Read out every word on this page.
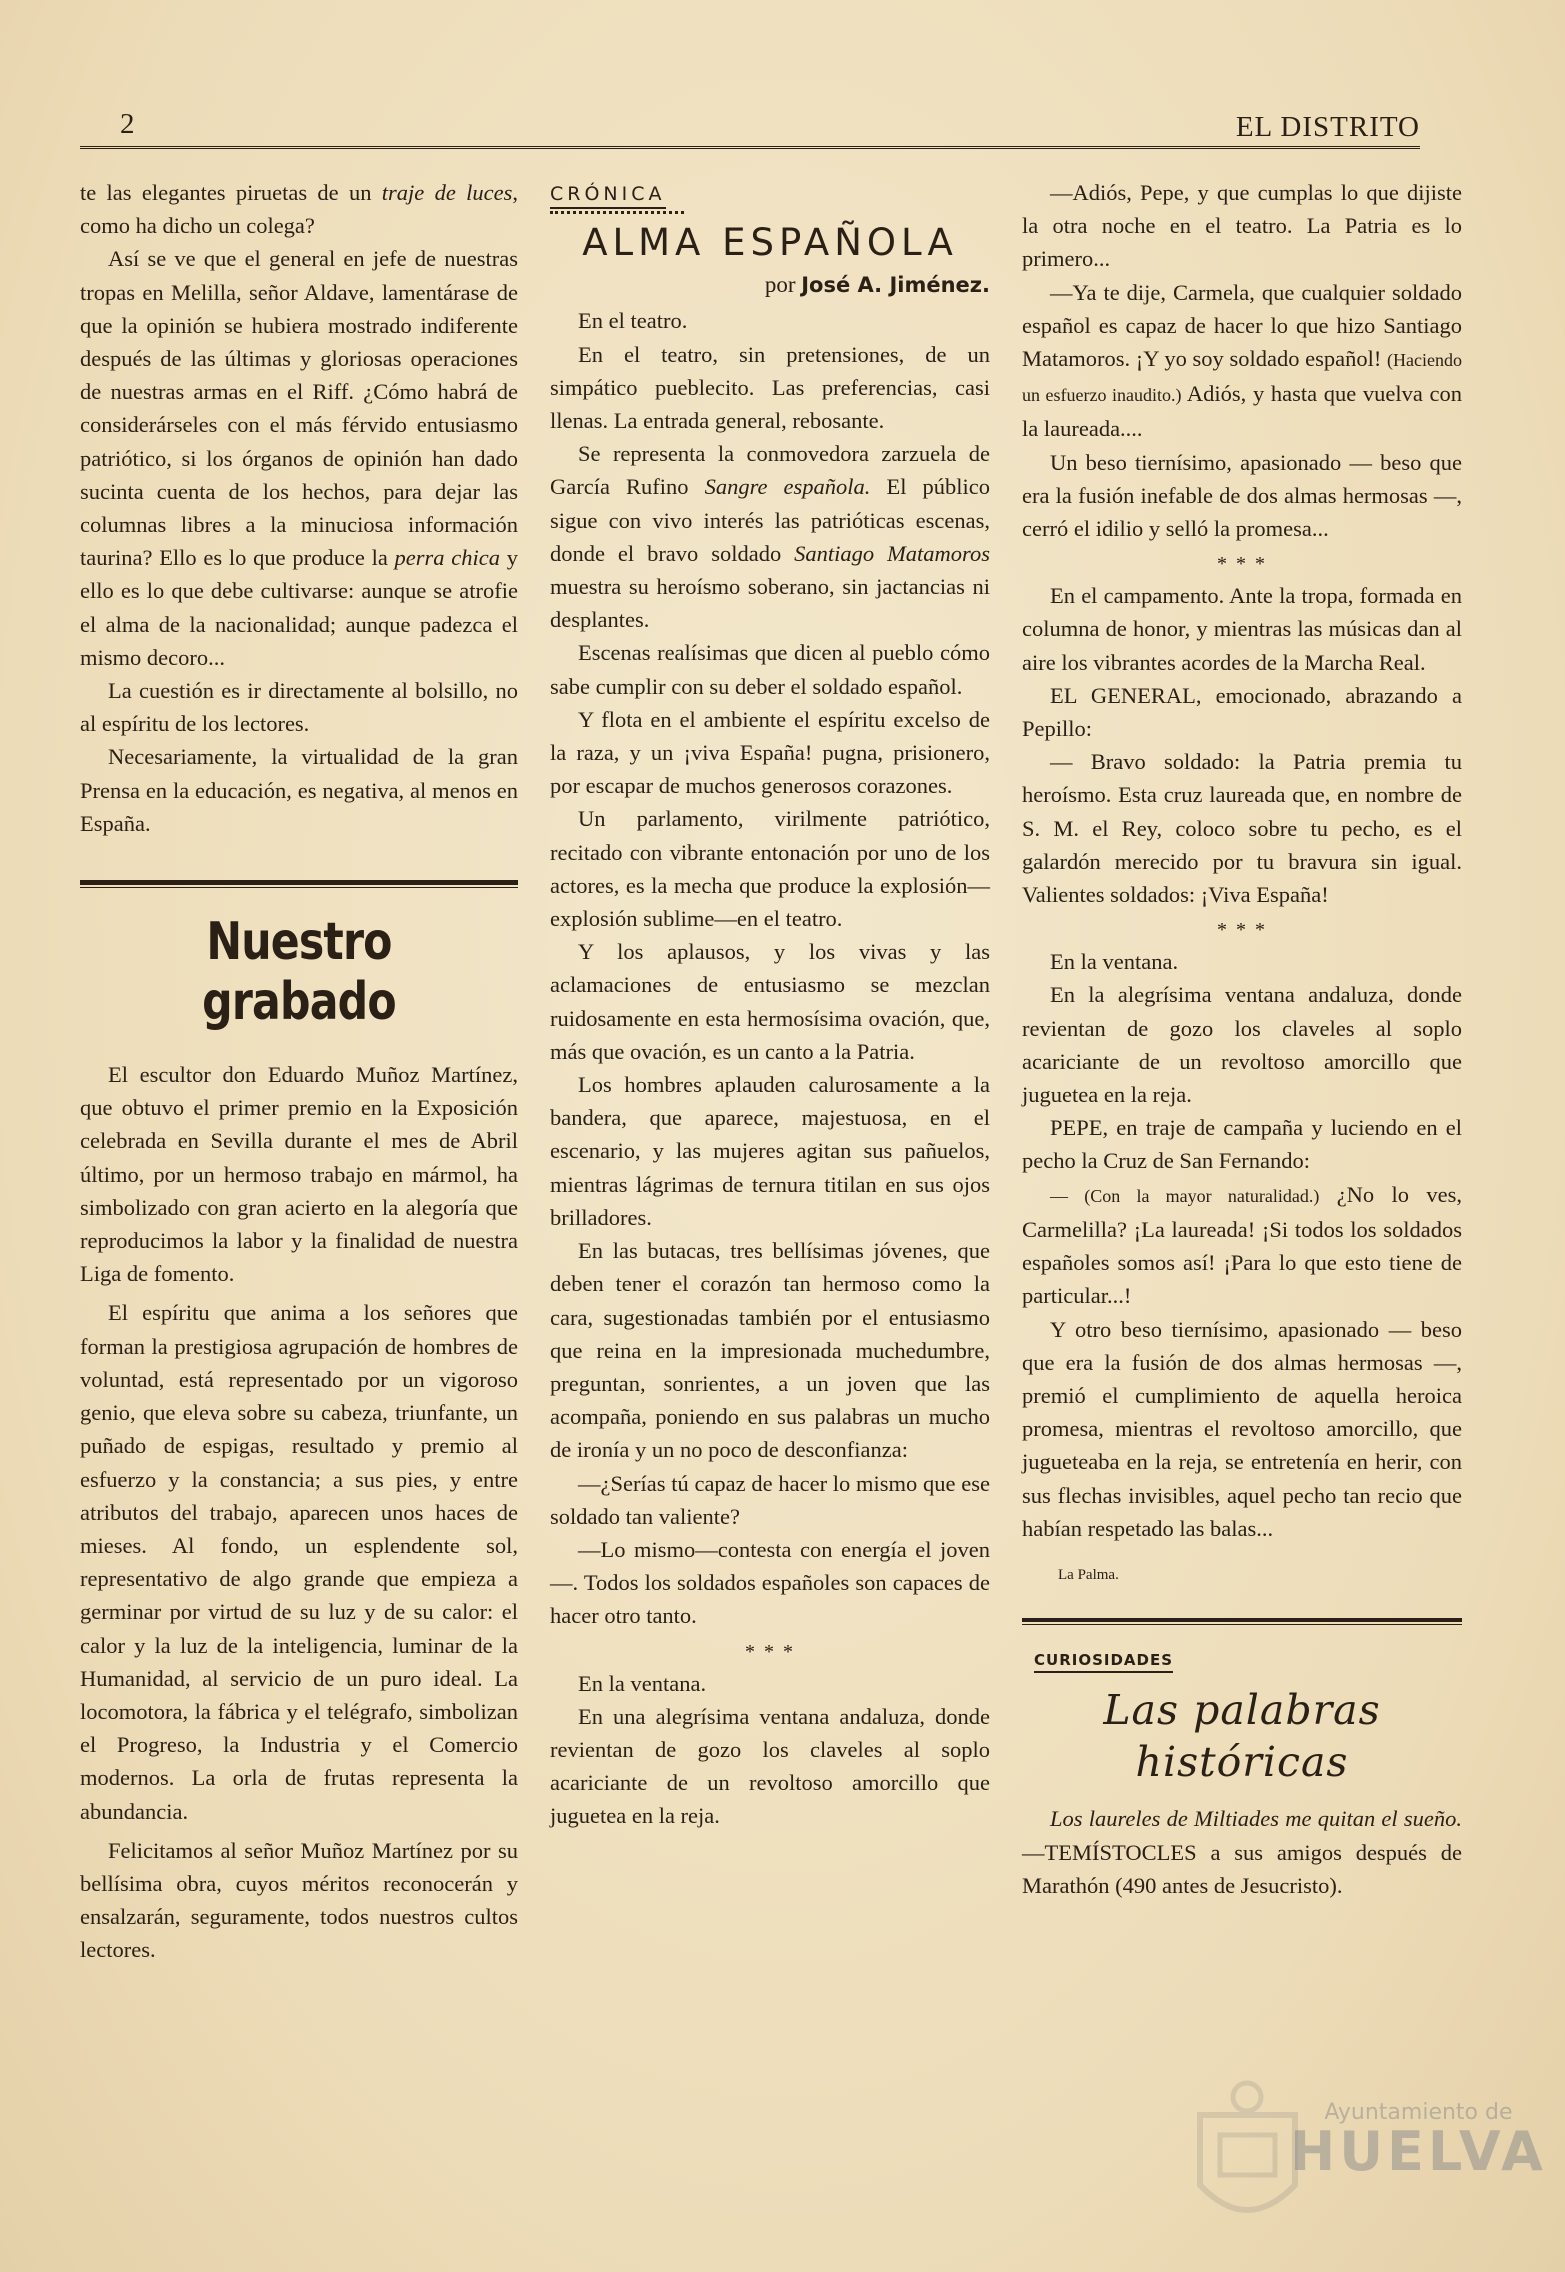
2	EL DISTRITO

te las elegantes piruetas de un traje de luces, como ha dicho un colega?

Así se ve que el general en jefe de nuestras tropas en Melilla, señor Aldave, lamentárase de que la opinión se hubiera mostrado indiferente después de las últimas y gloriosas operaciones de nuestras armas en el Riff. ¿Cómo habrá de considerárseles con el más férvido entusiasmo patriótico, si los órganos de opinión han dado sucinta cuenta de los hechos, para dejar las columnas libres a la minuciosa información taurina? Ello es lo que produce la perra chica y ello es lo que debe cultivarse: aunque se atrofie el alma de la nacionalidad; aunque padezca el mismo decoro...

La cuestión es ir directamente al bolsillo, no al espíritu de los lectores.

Necesariamente, la virtualidad de la gran Prensa en la educación, es negativa, al menos en España.

Nuestro grabado

El escultor don Eduardo Muñoz Martínez, que obtuvo el primer premio en la Exposición celebrada en Sevilla durante el mes de Abril último, por un hermoso trabajo en mármol, ha simbolizado con gran acierto en la alegoría que reproducimos la labor y la finalidad de nuestra Liga de fomento.

El espíritu que anima a los señores que forman la prestigiosa agrupación de hombres de voluntad, está representado por un vigoroso genio, que eleva sobre su cabeza, triunfante, un puñado de espigas, resultado y premio al esfuerzo y la constancia; a sus pies, y entre atributos del trabajo, aparecen unos haces de mieses. Al fondo, un esplendente sol, representativo de algo grande que empieza a germinar por virtud de su luz y de su calor: el calor y la luz de la inteligencia, luminar de la Humanidad, al servicio de un puro ideal. La locomotora, la fábrica y el telégrafo, simbolizan el Progreso, la Industria y el Comercio modernos. La orla de frutas representa la abundancia.

Felicitamos al señor Muñoz Martínez por su bellísima obra, cuyos méritos reconocerán y ensalzarán, seguramente, todos nuestros cultos lectores.

CRÓNICA
ALMA ESPAÑOLA
por José A. Jiménez.

En el teatro.

En el teatro, sin pretensiones, de un simpático pueblecito. Las preferencias, casi llenas. La entrada general, rebosante.

Se representa la conmovedora zarzuela de García Rufino Sangre española. El público sigue con vivo interés las patrióticas escenas, donde el bravo soldado Santiago Matamoros muestra su heroísmo soberano, sin jactancias ni desplantes.

Escenas realísimas que dicen al pueblo cómo sabe cumplir con su deber el soldado español.

Y flota en el ambiente el espíritu excelso de la raza, y un ¡viva España! pugna, prisionero, por escapar de muchos generosos corazones.

Un parlamento, virilmente patriótico, recitado con vibrante entonación por uno de los actores, es la mecha que produce la explosión—explosión sublime—en el teatro.

Y los aplausos, y los vivas y las aclamaciones de entusiasmo se mezclan ruidosamente en esta hermosísima ovación, que, más que ovación, es un canto a la Patria.

Los hombres aplauden calurosamente a la bandera, que aparece, majestuosa, en el escenario, y las mujeres agitan sus pañuelos, mientras lágrimas de ternura titilan en sus ojos brilladores.

En las butacas, tres bellísimas jóvenes, que deben tener el corazón tan hermoso como la cara, sugestionadas también por el entusiasmo que reina en la impresionada muchedumbre, preguntan, sonrientes, a un joven que las acompaña, poniendo en sus palabras un mucho de ironía y un no poco de desconfianza:

—¿Serías tú capaz de hacer lo mismo que ese soldado tan valiente?

—Lo mismo—contesta con energía el joven—. Todos los soldados españoles son capaces de hacer otro tanto.

* * *

En la ventana.

En una alegrísima ventana andaluza, donde revientan de gozo los claveles al soplo acariciante de un revoltoso amorcillo que juguetea en la reja.

—Adiós, Pepe, y que cumplas lo que dijiste la otra noche en el teatro. La Patria es lo primero...

—Ya te dije, Carmela, que cualquier soldado español es capaz de hacer lo que hizo Santiago Matamoros. ¡Y yo soy soldado español! (Haciendo un esfuerzo inaudito.) Adiós, y hasta que vuelva con la laureada....

Un beso tiernísimo, apasionado — beso que era la fusión inefable de dos almas hermosas —, cerró el idilio y selló la promesa...

* * *

En el campamento. Ante la tropa, formada en columna de honor, y mientras las músicas dan al aire los vibrantes acordes de la Marcha Real.

EL GENERAL, emocionado, abrazando a Pepillo:

— Bravo soldado: la Patria premia tu heroísmo. Esta cruz laureada que, en nombre de S. M. el Rey, coloco sobre tu pecho, es el galardón merecido por tu bravura sin igual. Valientes soldados: ¡Viva España!

* * *

En la ventana.

En la alegrísima ventana andaluza, donde revientan de gozo los claveles al soplo acariciante de un revoltoso amorcillo que juguetea en la reja.

PEPE, en traje de campaña y luciendo en el pecho la Cruz de San Fernando:

— (Con la mayor naturalidad.) ¿No lo ves, Carmelilla? ¡La laureada! ¡Si todos los soldados españoles somos así! ¡Para lo que esto tiene de particular...!

Y otro beso tiernísimo, apasionado — beso que era la fusión de dos almas hermosas —, premió el cumplimiento de aquella heroica promesa, mientras el revoltoso amorcillo, que jugueteaba en la reja, se entretenía en herir, con sus flechas invisibles, aquel pecho tan recio que habían respetado las balas...

La Palma.

CURIOSIDADES
Las palabras históricas

Los laureles de Miltiades me quitan el sueño.—TEMÍSTOCLES a sus amigos después de Marathón (490 antes de Jesucristo).

Ayuntamiento de
HUELVA
